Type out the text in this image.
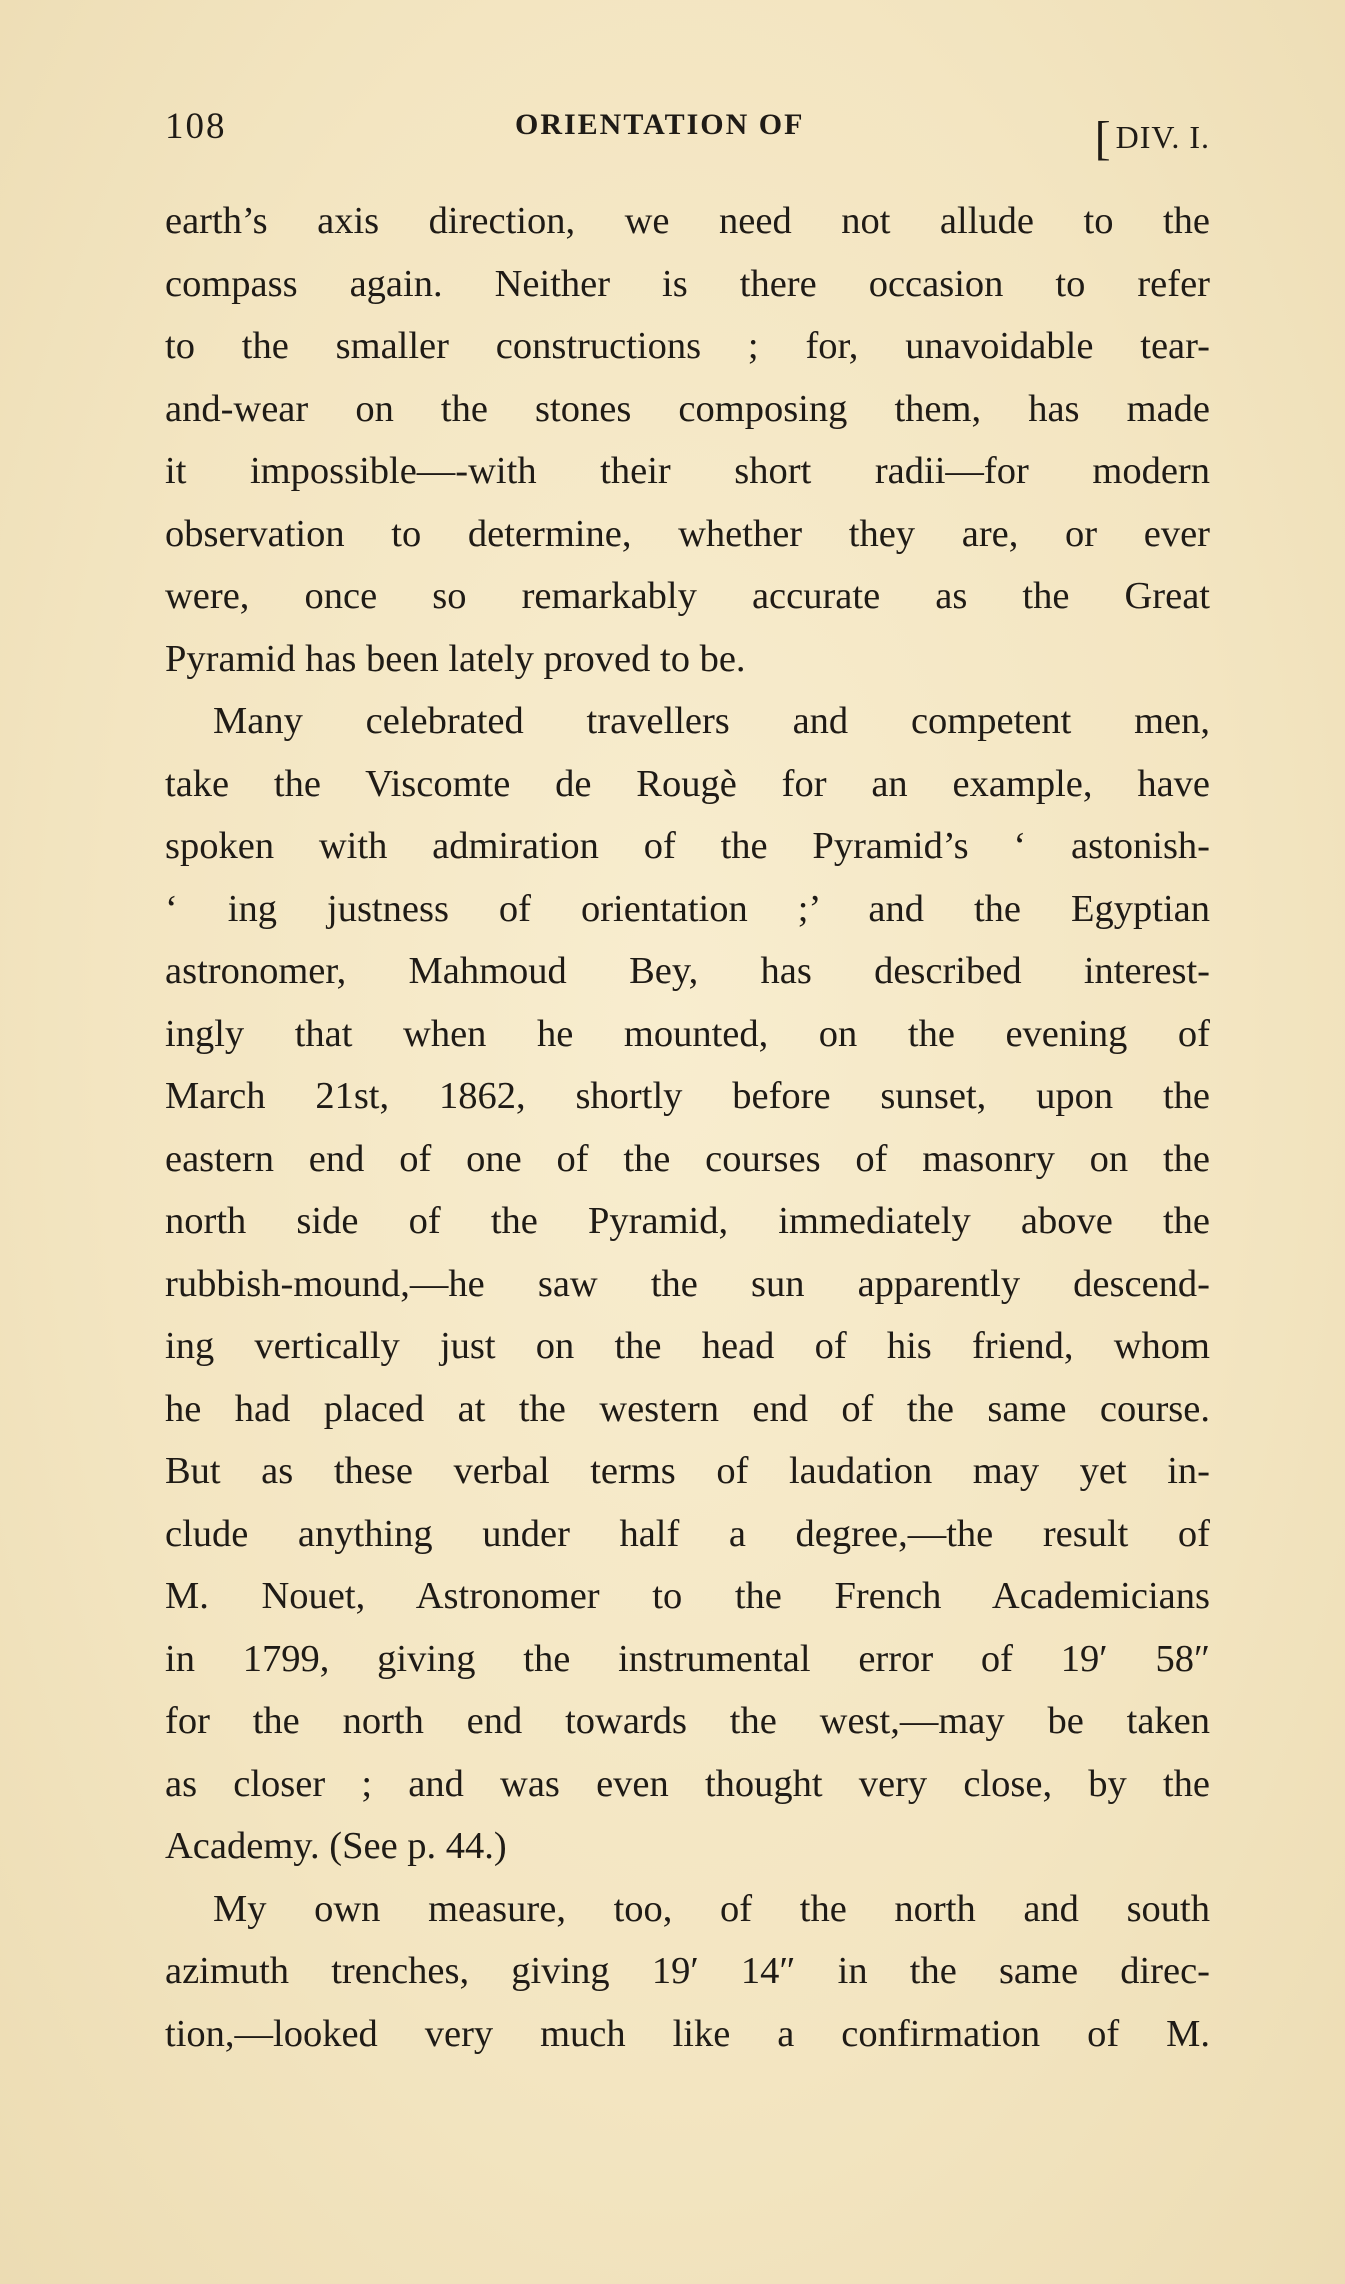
108	ORIENTATION OF	[ DIV. I.
earth’s axis direction, we need not allude to the
compass again. Neither is there occasion to refer
to the smaller constructions ; for, unavoidable tear-
and-wear on the stones composing them, has made
it impossible—-with their short radii—for modern
observation to determine, whether they are, or ever
were, once so remarkably accurate as the Great
Pyramid has been lately proved to be.
Many celebrated travellers and competent men,
take the Viscomte de Rougè for an example, have
spoken with admiration of the Pyramid’s ‘ astonish-
‘ ing justness of orientation ;’ and the Egyptian
astronomer, Mahmoud Bey, has described interest-
ingly that when he mounted, on the evening of
March 21st, 1862, shortly before sunset, upon the
eastern end of one of the courses of masonry on the
north side of the Pyramid, immediately above the
rubbish-mound,—he saw the sun apparently descend-
ing vertically just on the head of his friend, whom
he had placed at the western end of the same course.
But as these verbal terms of laudation may yet in-
clude anything under half a degree,—the result of
M. Nouet, Astronomer to the French Academicians
in 1799, giving the instrumental error of 19′ 58″
for the north end towards the west,—may be taken
as closer ; and was even thought very close, by the
Academy. (See p. 44.)
My own measure, too, of the north and south
azimuth trenches, giving 19′ 14″ in the same direc-
tion,—looked very much like a confirmation of M.
